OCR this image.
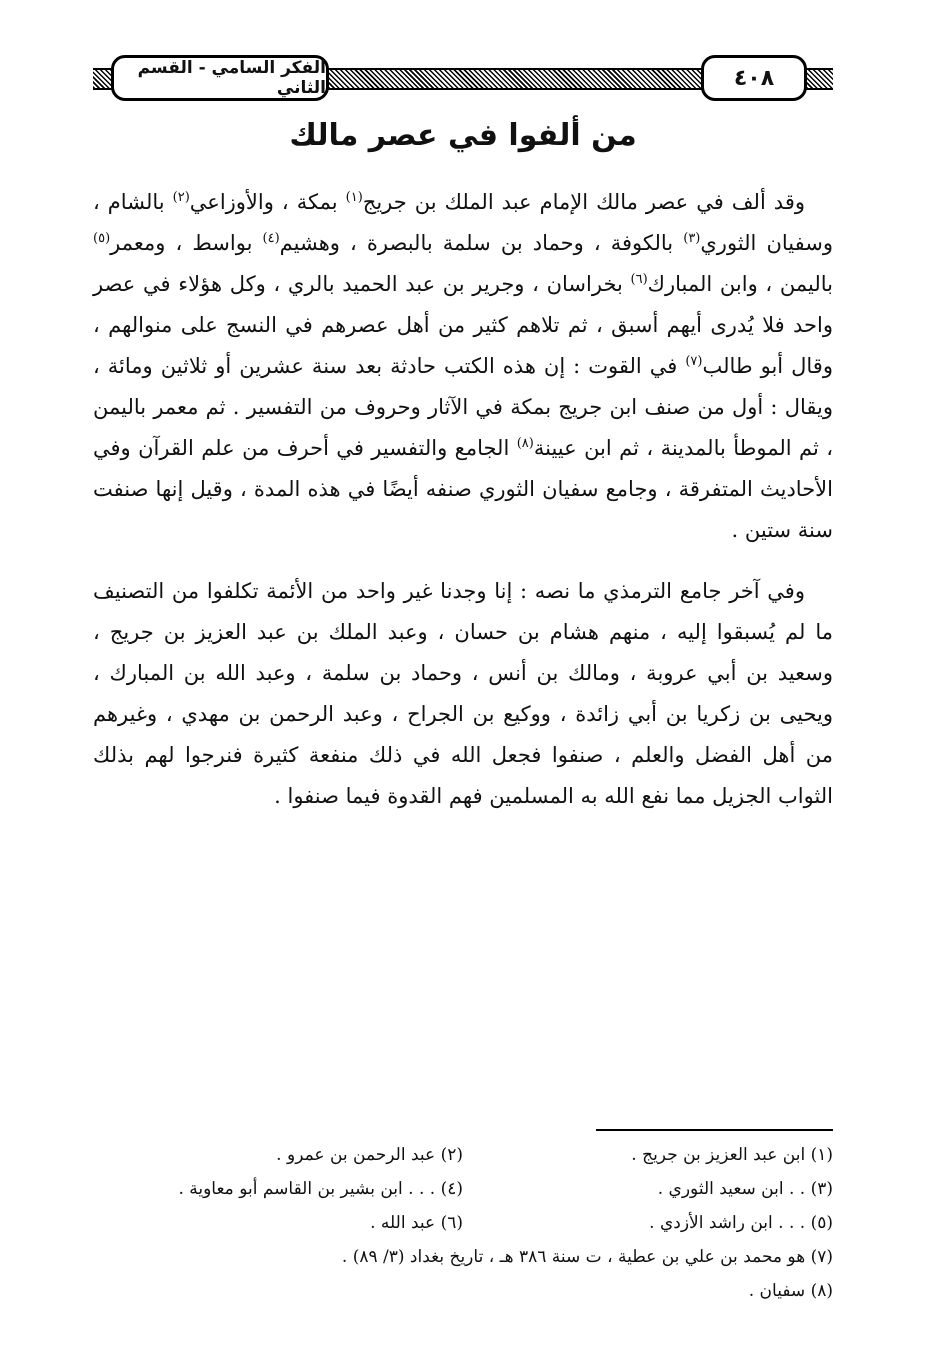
الفكر السامي - القسم الثاني	٤٠٨
من ألفوا في عصر مالك

وقد ألف في عصر مالك الإمام عبد الملك بن جريج$^{(١)}$ بمكة ، والأوزاعي$^{(٢)}$ بالشام ، وسفيان الثوري$^{(٣)}$ بالكوفة ، وحماد بن سلمة بالبصرة ، وهشيم$^{(٤)}$ بواسط ، ومعمر$^{(٥)}$ باليمن ، وابن المبارك$^{(٦)}$ بخراسان ، وجرير بن عبد الحميد بالري ، وكل هؤلاء في عصر واحد فلا يُدرى أيهم أسبق ، ثم تلاهم كثير من أهل عصرهم في النسج على منوالهم ، وقال أبو طالب$^{(٧)}$ في القوت : إن هذه الكتب حادثة بعد سنة عشرين أو ثلاثين ومائة ، ويقال : أول من صنف ابن جريج بمكة في الآثار وحروف من التفسير . ثم معمر باليمن ، ثم الموطأ بالمدينة ، ثم ابن عيينة$^{(٨)}$ الجامع والتفسير في أحرف من علم القرآن وفي الأحاديث المتفرقة ، وجامع سفيان الثوري صنفه أيضًا في هذه المدة ، وقيل إنها صنفت سنة ستين .

وفي آخر جامع الترمذي ما نصه : إنا وجدنا غير واحد من الأئمة تكلفوا من التصنيف ما لم يُسبقوا إليه ، منهم هشام بن حسان ، وعبد الملك بن عبد العزيز بن جريج ، وسعيد بن أبي عروبة ، ومالك بن أنس ، وحماد بن سلمة ، وعبد الله بن المبارك ، ويحيى بن زكريا بن أبي زائدة ، ووكيع بن الجراح ، وعبد الرحمن بن مهدي ، وغيرهم من أهل الفضل والعلم ، صنفوا فجعل الله في ذلك منفعة كثيرة فنرجوا لهم بذلك الثواب الجزيل مما نفع الله به المسلمين فهم القدوة فيما صنفوا .

(١) ابن عبد العزيز بن جريج .
(٢) عبد الرحمن بن عمرو .
(٣) . . ابن سعيد الثوري .
(٤) . . . ابن بشير بن القاسم أبو معاوية .
(٥) . . . ابن راشد الأزدي .
(٦) عبد الله .
(٧) هو محمد بن علي بن عطية ، ت سنة ٣٨٦ هـ ، تاريخ بغداد (٣/ ٨٩) .
(٨) سفيان .
